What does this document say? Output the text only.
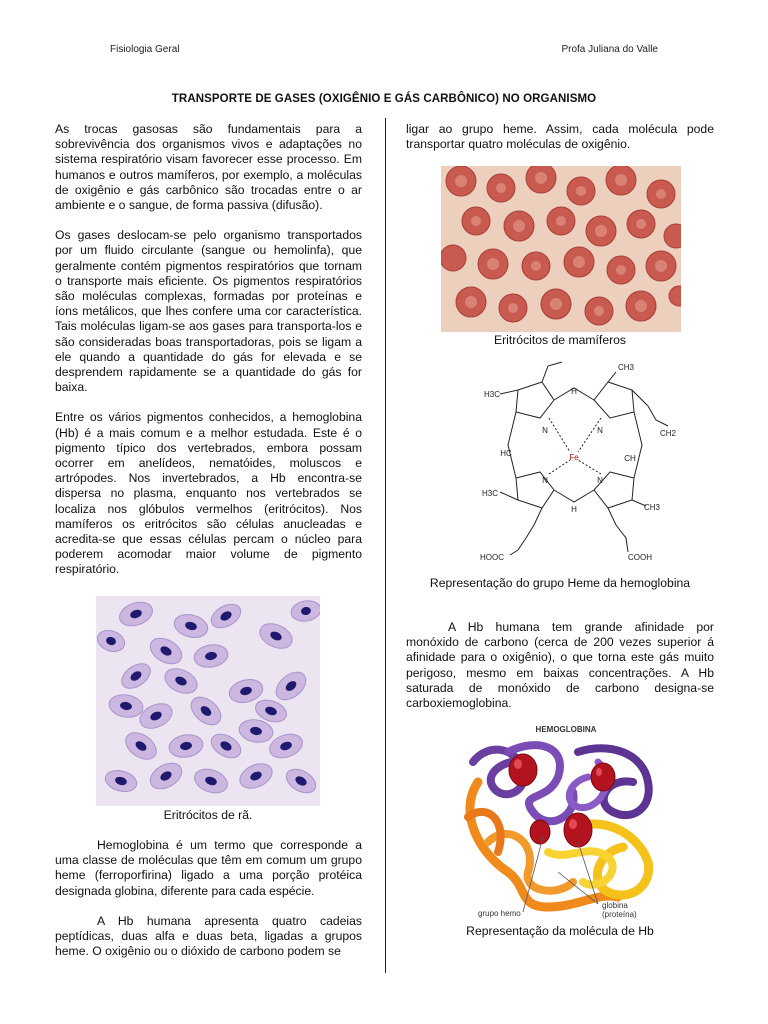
Fisiologia Geral	Profa Juliana do Valle
TRANSPORTE DE GASES (OXIGÊNIO E GÁS CARBÔNICO) NO ORGANISMO

As trocas gasosas são fundamentais para a sobrevivência dos organismos vivos e adaptações no sistema respiratório visam favorecer esse processo. Em humanos e outros mamíferos, por exemplo, a moléculas de oxigênio e gás carbônico são trocadas entre o ar ambiente e o sangue, de forma passiva (difusão).

Os gases deslocam-se pelo organismo transportados por um fluido circulante (sangue ou hemolinfa), que geralmente contém pigmentos respiratórios que tornam o transporte mais eficiente. Os pigmentos respiratórios são moléculas complexas, formadas por proteínas e íons metálicos, que lhes confere uma cor característica. Tais moléculas ligam-se aos gases para transporta-los e são consideradas boas transportadoras, pois se ligam a ele quando a quantidade do gás for elevada e se desprendem rapidamente se a quantidade do gás for baixa.

Entre os vários pigmentos conhecidos, a hemoglobina (Hb) é a mais comum e a melhor estudada. Este é o pigmento típico dos vertebrados, embora possam ocorrer em anelídeos, nematóides, moluscos e artrópodes. Nos invertebrados, a Hb encontra-se dispersa no plasma, enquanto nos vertebrados se localiza nos glóbulos vermelhos (eritrócitos). Nos mamíferos os eritrócitos são células anucleadas e acredita-se que essas células percam o núcleo para poderem acomodar maior volume de pigmento respiratório.

Eritrócitos de rã.

Hemoglobina é um termo que corresponde a uma classe de moléculas que têm em comum um grupo heme (ferroporfirina) ligado a uma porção protéica designada globina, diferente para cada espécie.

A Hb humana apresenta quatro cadeias peptídicas, duas alfa e duas beta, ligadas a grupos heme. O oxigênio ou o dióxido de carbono podem se

ligar ao grupo heme. Assim, cada molécula pode transportar quatro moléculas de oxigênio.

Eritrócitos de mamíferos
Fe
N	N
N	N
H
H
HC
CH
CH3
CH3
H3C
H3C
CH2
HOOC	COOH
Representação do grupo Heme da hemoglobina

A Hb humana tem grande afinidade por monóxido de carbono (cerca de 200 vezes superior á afinidade para o oxigênio), o que torna este gás muito perigoso, mesmo em baixas concentrações. A Hb saturada de monóxido de carbono designa-se carboxiemoglobina.

HEMOGLOBINA
grupo hemo
globina
(proteína)
Representação da molécula de Hb
